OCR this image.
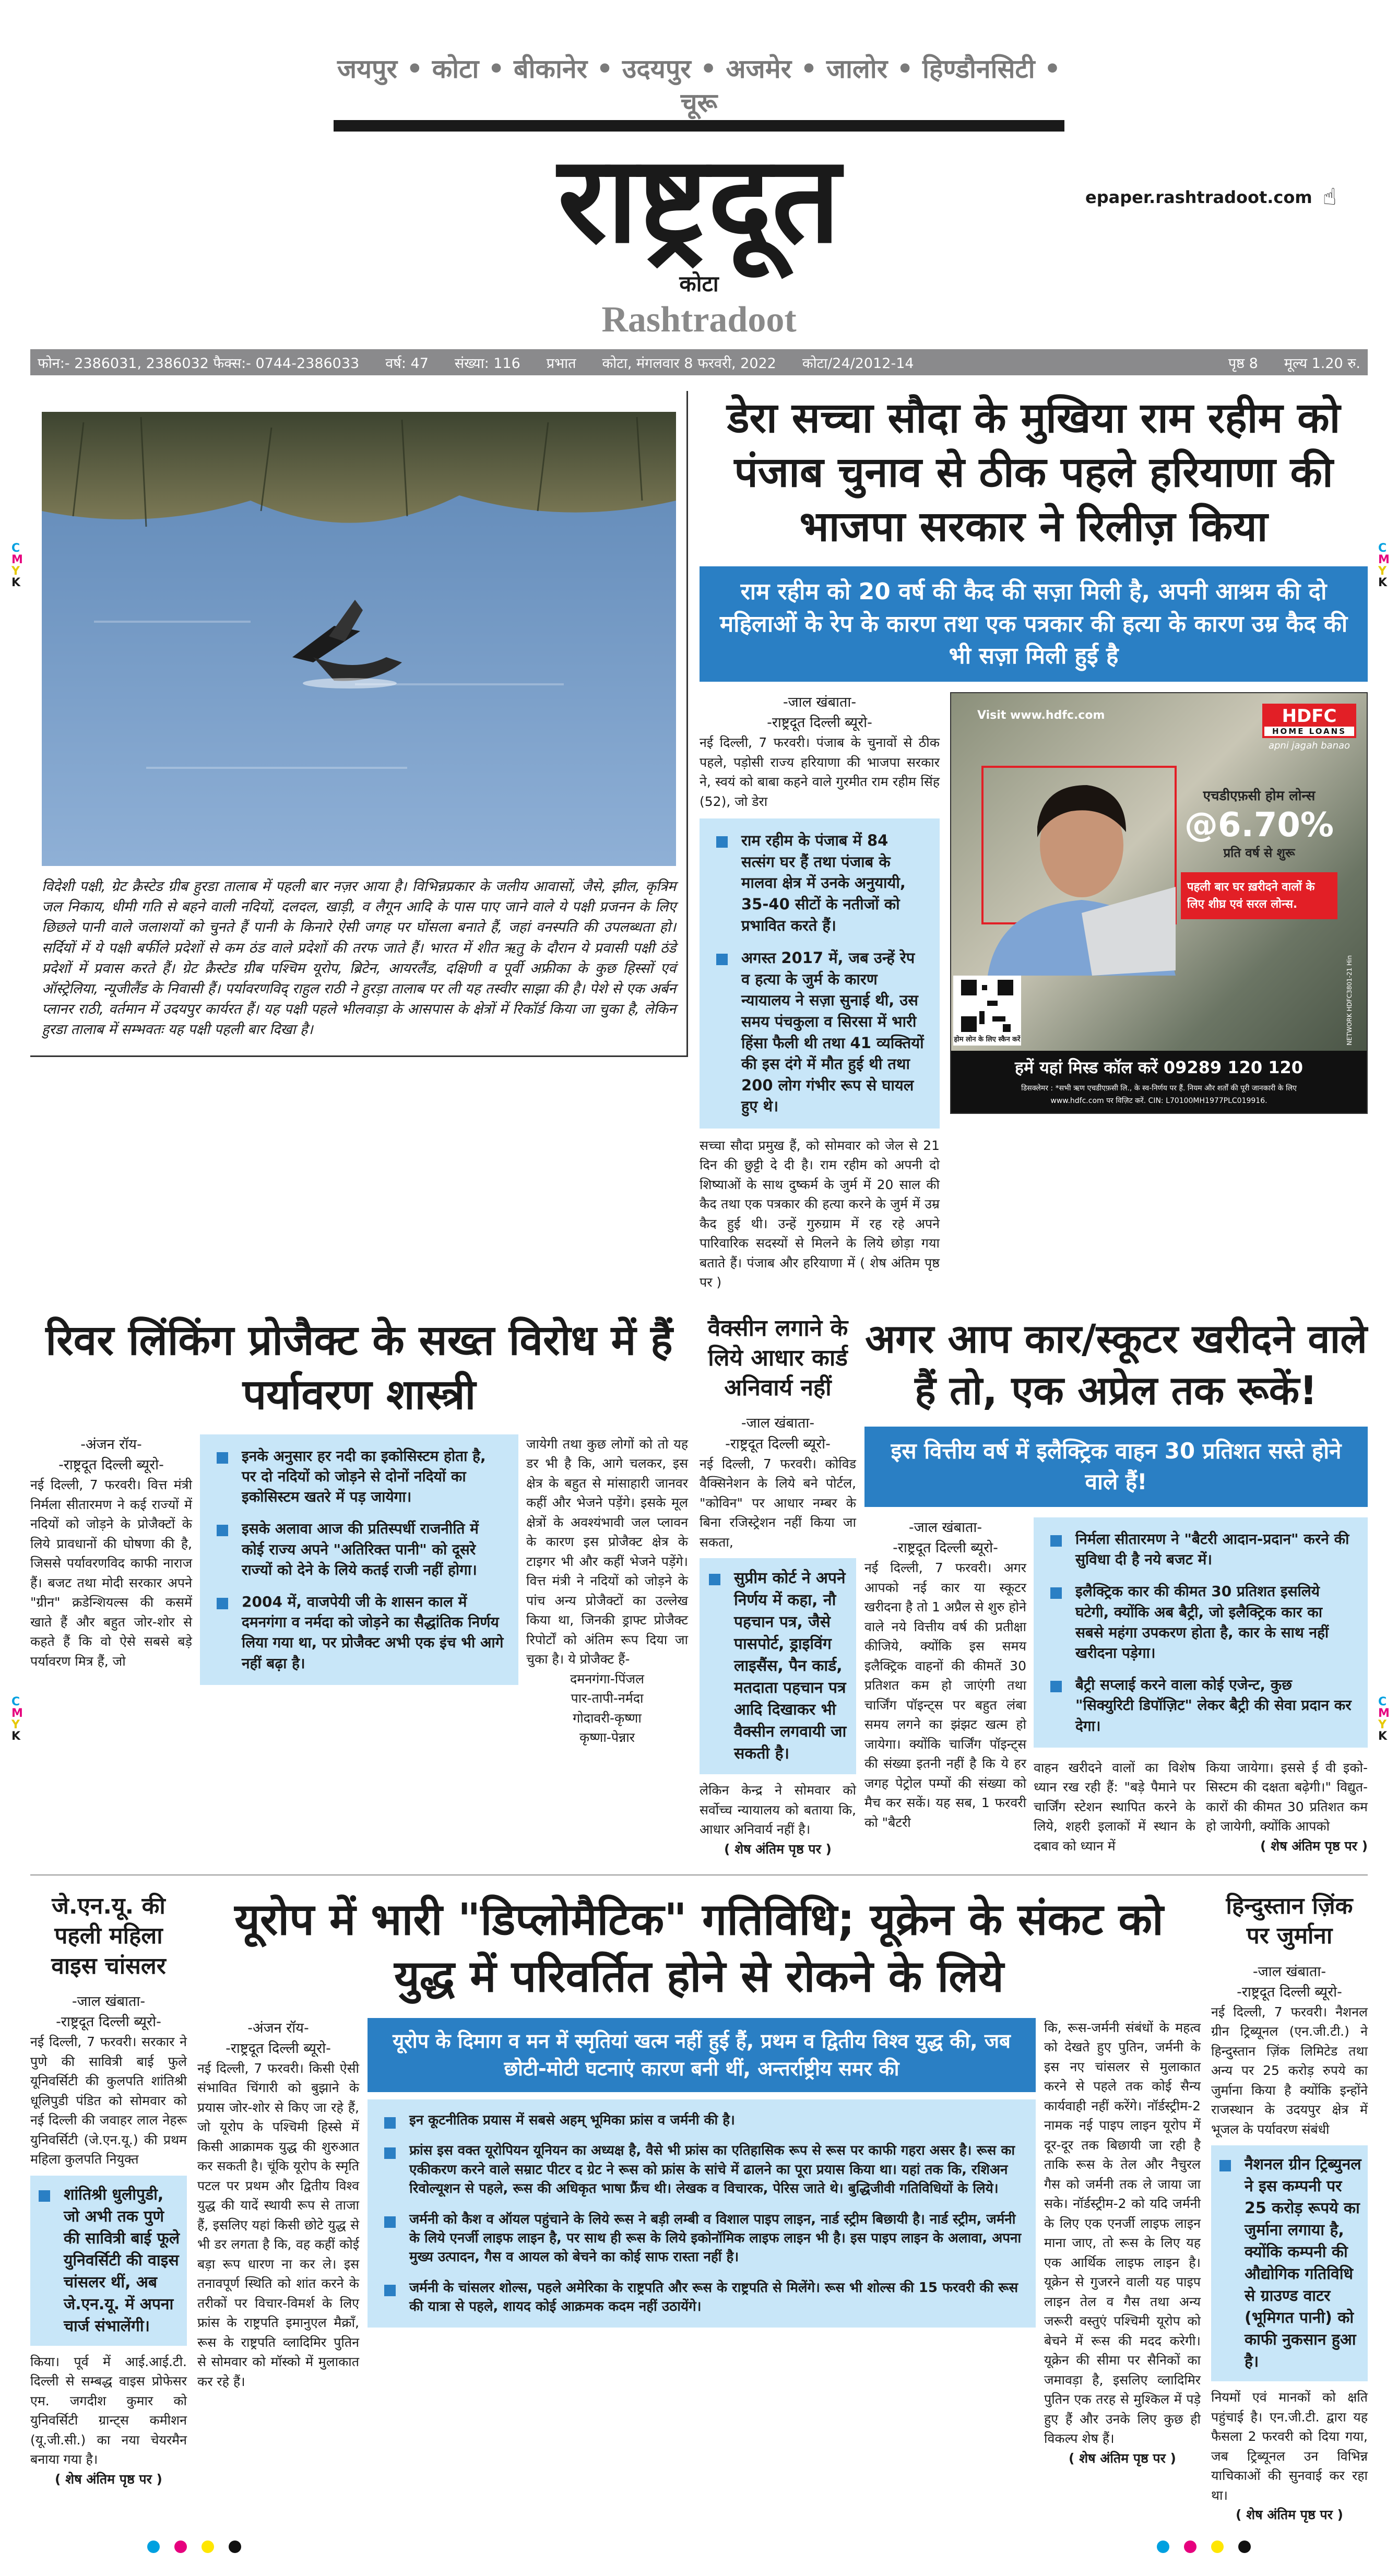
जयपुर • कोटा • बीकानेर • उदयपुर • अजमेर • जालोर • हिण्डौनसिटी • चूरू
राष्ट्रदूत
कोटा
Rashtradoot
epaper.rashtradoot.com ☝
फोन:- 2386031, 2386032 फैक्स:- 0744-2386033 वर्ष: 47 संख्या: 116 प्रभात कोटा, मंगलवार 8 फरवरी, 2022 कोटा/24/2012-14	पृष्ठ 8 मूल्य 1.20 रु.
विदेशी पक्षी, ग्रेट क्रैस्टेड ग्रीब हुरडा तालाब में पहली बार नज़र आया है। विभिन्नप्रकार के जलीय आवासों, जैसे, झील, कृत्रिम जल निकाय, धीमी गति से बहने वाली नदियों, दलदल, खाड़ी, व लैगून आदि के पास पाए जाने वाले ये पक्षी प्रजनन के लिए छिछले पानी वाले जलाशयों को चुनते हैं पानी के किनारे ऐसी जगह पर घोंसला बनाते हैं, जहां वनस्पति की उपलब्धता हो। सर्दियों में ये पक्षी बर्फीले प्रदेशों से कम ठंड वाले प्रदेशों की तरफ जाते हैं। भारत में शीत ऋतु के दौरान ये प्रवासी पक्षी ठंडे प्रदेशों में प्रवास करते हैं। ग्रेट क्रैस्टेड ग्रीब पश्चिम यूरोप, ब्रिटेन, आयरलैंड, दक्षिणी व पूर्वी अफ्रीका के कुछ हिस्सों एवं ऑस्ट्रेलिया, न्यूजीलैंड के निवासी हैं। पर्यावरणविद् राहुल राठी ने हुरड़ा तालाब पर ली यह तस्वीर साझा की है। पेशे से एक अर्बन प्लानर राठी, वर्तमान में उदयपुर कार्यरत हैं। यह पक्षी पहले भीलवाड़ा के आसपास के क्षेत्रों में रिकॉर्ड किया जा चुका है, लेकिन हुरडा तालाब में सम्भवतः यह पक्षी पहली बार दिखा है।
डेरा सच्चा सौदा के मुखिया राम रहीम को पंजाब चुनाव से ठीक पहले हरियाणा की भाजपा सरकार ने रिलीज़ किया
राम रहीम को 20 वर्ष की कैद की सज़ा मिली है, अपनी आश्रम की दो महिलाओं के रेप के कारण तथा एक पत्रकार की हत्या के कारण उम्र कैद की भी सज़ा मिली हुई है
-जाल खंबाता-
-राष्ट्रदूत दिल्ली ब्यूरो-

नई दिल्ली, 7 फरवरी। पंजाब के चुनावों से ठीक पहले, पड़ोसी राज्य हरियाणा की भाजपा सरकार ने, स्वयं को बाबा कहने वाले गुरमीत राम रहीम सिंह (52), जो डेरा

राम रहीम के पंजाब में 84 सत्संग घर हैं तथा पंजाब के मालवा क्षेत्र में उनके अनुयायी, 35-40 सीटों के नतीजों को प्रभावित करते हैं।
अगस्त 2017 में, जब उन्हें रेप व हत्या के जुर्म के कारण न्यायालय ने सज़ा सुनाई थी, उस समय पंचकुला व सिरसा में भारी हिंसा फैली थी तथा 41 व्यक्तियों की इस दंगे में मौत हुई थी तथा 200 लोग गंभीर रूप से घायल हुए थे।

सच्चा सौदा प्रमुख हैं, को सोमवार को जेल से 21 दिन की छुट्टी दे दी है। राम रहीम को अपनी दो शिष्याओं के साथ दुष्कर्म के जुर्म में 20 साल की कैद तथा एक पत्रकार की हत्या करने के जुर्म में उम्र कैद हुई थी। उन्हें गुरुग्राम में रह रहे अपने पारिवारिक सदस्यों से मिलने के लिये छोड़ा गया बताते हैं। पंजाब और हरियाणा में ( शेष अंतिम पृष्ठ पर )

Visit www.hdfc.com	HDFC
HOME LOANS
apni jagah banao
होम लोन के लिए स्कैन करें
एचडीएफ़सी होम लोन्स
@6.70%
प्रति वर्ष से शुरू
पहली बार घर ख़रीदने वालों के लिए शीघ्र एवं सरल लोन्स.
NETWORK HDFC3801-21 Hin
हमें यहां मिस्ड कॉल करें 09289 120 120
डिसक्लेमर : *सभी ऋण एचडीएफ़सी लि., के स्व-निर्णय पर हैं. नियम और शर्तों की पूरी जानकारी के लिए
www.hdfc.com पर विज़िट करें. CIN: L70100MH1977PLC019916.
रिवर लिंकिंग प्रोजैक्ट के सख्त विरोध में हैं पर्यावरण शास्त्री
-अंजन रॉय-
-राष्ट्रदूत दिल्ली ब्यूरो-

नई दिल्ली, 7 फरवरी। वित्त मंत्री निर्मला सीतारमण ने कई राज्यों में नदियों को जोड़ने के प्रोजैक्टों के लिये प्रावधानों की घोषणा की है, जिससे पर्यावरणविद काफी नाराज हैं। बजट तथा मोदी सरकार अपने "ग्रीन" क्रडेन्शियल्स की कसमें खाते हैं और बहुत जोर-शोर से कहते हैं कि वो ऐसे सबसे बड़े पर्यावरण मित्र हैं, जो

इनके अनुसार हर नदी का इकोसिस्टम होता है, पर दो नदियों को जोड़ने से दोनों नदियों का इकोसिस्टम खतरे में पड़ जायेगा।
इसके अलावा आज की प्रतिस्पर्धी राजनीति में कोई राज्य अपने "अतिरिक्त पानी" को दूसरे राज्यों को देने के लिये कतई राजी नहीं होगा।
2004 में, वाजपेयी जी के शासन काल में दमनगंगा व नर्मदा को जोड़ने का सैद्धांतिक निर्णय लिया गया था, पर प्रोजैक्ट अभी एक इंच भी आगे नहीं बढ़ा है।

जायेगी तथा कुछ लोगों को तो यह डर भी है कि, आगे चलकर, इस क्षेत्र के बहुत से मांसाहारी जानवर कहीं और भेजने पड़ेंगे। इसके मूल क्षेत्रों के अवश्यंभावी जल प्लावन के कारण इस प्रोजैक्ट क्षेत्र के टाइगर भी और कहीं भेजने पड़ेंगे। वित्त मंत्री ने नदियों को जोड़ने के पांच अन्य प्रोजैक्टों का उल्लेख किया था, जिनकी ड्राफ्ट प्रोजैक्ट रिपोर्टों को अंतिम रूप दिया जा चुका है। ये प्रोजैक्ट हैं-

दमनगंगा-पिंजल

पार-तापी-नर्मदा

गोदावरी-कृष्णा

कृष्णा-पेन्नार

वैक्सीन लगाने के लिये आधार कार्ड अनिवार्य नहीं
-जाल खंबाता-
-राष्ट्रदूत दिल्ली ब्यूरो-

नई दिल्ली, 7 फरवरी। कोविड वैक्सिनेशन के लिये बने पोर्टल, "कोविन" पर आधार नम्बर के बिना रजिस्ट्रेशन नहीं किया जा सकता,

सुप्रीम कोर्ट ने अपने निर्णय में कहा, नौ पहचान पत्र, जैसे पासपोर्ट, ड्राइविंग लाइसैंस, पैन कार्ड, मतदाता पहचान पत्र आदि दिखाकर भी वैक्सीन लगवायी जा सकती है।

लेकिन केन्द्र ने सोमवार को सर्वोच्च न्यायालय को बताया कि, आधार अनिवार्य नहीं है।

( शेष अंतिम पृष्ठ पर )

अगर आप कार/स्कूटर खरीदने वाले हैं तो, एक अप्रेल तक रूकें!
इस वित्तीय वर्ष में इलैक्ट्रिक वाहन 30 प्रतिशत सस्ते होने वाले हैं!
-जाल खंबाता-
-राष्ट्रदूत दिल्ली ब्यूरो-

नई दिल्ली, 7 फरवरी। अगर आपको नई कार या स्कूटर खरीदना है तो 1 अप्रैल से शुरु होने वाले नये वित्तीय वर्ष की प्रतीक्षा कीजिये, क्योंकि इस समय इलैक्ट्रिक वाहनों की कीमतें 30 प्रतिशत कम हो जाएंगी तथा चार्जिंग पॉइन्ट्स पर बहुत लंबा समय लगने का झंझट खत्म हो जायेगा। क्योंकि चार्जिंग पॉइन्ट्स की संख्या इतनी नहीं है कि ये हर जगह पेट्रोल पम्पों की संख्या को मैच कर सकें। यह सब, 1 फरवरी को "बैटरी

निर्मला सीतारमण ने "बैटरी आदान-प्रदान" करने की सुविधा दी है नये बजट में।
इलैक्ट्रिक कार की कीमत 30 प्रतिशत इसलिये घटेगी, क्योंकि अब बैट्री, जो इलैक्ट्रिक कार का सबसे महंगा उपकरण होता है, कार के साथ नहीं खरीदना पड़ेगा।
बैट्री सप्लाई करने वाला कोई एजेन्ट, कुछ "सिक्युरिटी डिपॉज़िट" लेकर बैट्री की सेवा प्रदान कर देगा।

वाहन खरीदने वालों का विशेष ध्यान रख रही हैं: "बड़े पैमाने पर चार्जिंग स्टेशन स्थापित करने के लिये, शहरी इलाकों में स्थान के दबाव को ध्यान में

किया जायेगा। इससे ई वी इको-सिस्टम की दक्षता बढ़ेगी।" विद्युत-कारों की कीमत 30 प्रतिशत कम हो जायेगी, क्योंकि आपको

( शेष अंतिम पृष्ठ पर )

जे.एन.यू. की पहली महिला वाइस चांसलर
-जाल खंबाता-
-राष्ट्रदूत दिल्ली ब्यूरो-

नई दिल्ली, 7 फरवरी। सरकार ने पुणे की सावित्री बाई फुले यूनिवर्सिटी की कुलपति शांतिश्री धूलिपुडी पंडित को सोमवार को नई दिल्ली की जवाहर लाल नेहरू युनिवर्सिटी (जे.एन.यू.) की प्रथम महिला कुलपति नियुक्त

शांतिश्री धुलीपुडी, जो अभी तक पुणे की सावित्री बाई फूले युनिवर्सिटी की वाइस चांसलर थीं, अब जे.एन.यू. में अपना चार्ज संभालेंगी।

किया। पूर्व में आई.आई.टी. दिल्ली से सम्बद्ध वाइस प्रोफेसर एम. जगदीश कुमार को युनिवर्सिटी ग्रान्ट्स कमीशन (यू.जी.सी.) का नया चेयरमैन बनाया गया है।

( शेष अंतिम पृष्ठ पर )

यूरोप में भारी "डिप्लोमैटिक" गतिविधि; यूक्रेन के संकट को युद्ध में परिवर्तित होने से रोकने के लिये
-अंजन रॉय-
-राष्ट्रदूत दिल्ली ब्यूरो-

नई दिल्ली, 7 फरवरी। किसी ऐसी संभावित चिंगारी को बुझाने के प्रयास जोर-शोर से किए जा रहे हैं, जो यूरोप के पश्चिमी हिस्से में किसी आक्रामक युद्ध की शुरुआत कर सकती है। चूंकि यूरोप के स्मृति पटल पर प्रथम और द्वितीय विश्व युद्ध की यादें स्थायी रूप से ताजा हैं, इसलिए यहां किसी छोटे युद्ध से भी डर लगता है कि, वह कहीं कोई बड़ा रूप धारण ना कर ले। इस तनावपूर्ण स्थिति को शांत करने के तरीकों पर विचार-विमर्श के लिए फ्रांस के राष्ट्रपति इमानुएल मैक्रॉं, रूस के राष्ट्रपति व्लादिमिर पुतिन से सोमवार को मॉस्को में मुलाकात कर रहे हैं।

यूरोप के दिमाग व मन में स्मृतियां खत्म नहीं हुई हैं, प्रथम व द्वितीय विश्व युद्ध की, जब छोटी-मोटी घटनाएं कारण बनी थीं, अन्तर्राष्ट्रीय समर की
इन कूटनीतिक प्रयास में सबसे अहम् भूमिका फ्रांस व जर्मनी की है।
फ्रांस इस वक्त यूरोपियन यूनियन का अध्यक्ष है, वैसे भी फ्रांस का एतिहासिक रूप से रूस पर काफी गहरा असर है। रूस का एकीकरण करने वाले सम्राट पीटर द ग्रेट ने रूस को फ्रांस के सांचे में ढालने का पूरा प्रयास किया था। यहां तक कि, रशिअन रिवोल्यूशन से पहले, रूस की अधिकृत भाषा फ्रैंच थी। लेखक व विचारक, पेरिस जाते थे। बुद्धिजीवी गतिविधियों के लिये।
जर्मनी को कैश व ऑयल पहुंचाने के लिये रूस ने बड़ी लम्बी व विशाल पाइप लाइन, नार्ड स्ट्रीम बिछायी है। नार्ड स्ट्रीम, जर्मनी के लिये एनर्जी लाइफ लाइन है, पर साथ ही रूस के लिये इकोनॉमिक लाइफ लाइन भी है। इस पाइप लाइन के अलावा, अपना मुख्य उत्पादन, गैस व आयल को बेचने का कोई साफ रास्ता नहीं है।
जर्मनी के चांसलर शोल्स, पहले अमेरिका के राष्ट्रपति और रूस के राष्ट्रपति से मिलेंगे। रूस भी शोल्स की 15 फरवरी की रूस की यात्रा से पहले, शायद कोई आक्रमक कदम नहीं उठायेंगे।

कि, रूस-जर्मनी संबंधों के महत्व को देखते हुए पुतिन, जर्मनी के इस नए चांसलर से मुलाकात करने से पहले तक कोई सैन्य कार्यवाही नहीं करेंगे। नॉर्डस्ट्रीम-2 नामक नई पाइप लाइन यूरोप में दूर-दूर तक बिछायी जा रही है ताकि रूस के तेल और नैचुरल गैस को जर्मनी तक ले जाया जा सके। नॉर्डस्ट्रीम-2 को यदि जर्मनी के लिए एक एनर्जी लाइफ लाइन माना जाए, तो रूस के लिए यह एक आर्थिक लाइफ लाइन है। यूक्रेन से गुजरने वाली यह पाइप लाइन तेल व गैस तथा अन्य जरूरी वस्तुएं पश्चिमी यूरोप को बेचने में रूस की मदद करेगी। यूक्रेन की सीमा पर सैनिकों का जमावड़ा है, इसलिए व्लादिमिर पुतिन एक तरह से मुश्किल में पड़े हुए हैं और उनके लिए कुछ ही विकल्प शेष हैं।

( शेष अंतिम पृष्ठ पर )

हिन्दुस्तान ज़िंक पर जुर्माना
-जाल खंबाता-
-राष्ट्रदूत दिल्ली ब्यूरो-

नई दिल्ली, 7 फरवरी। नैशनल ग्रीन ट्रिब्यूनल (एन.जी.टी.) ने हिन्दुस्तान ज़िंक लिमिटेड तथा अन्य पर 25 करोड़ रुपये का जुर्माना किया है क्योंकि इन्होंने राजस्थान के उदयपुर क्षेत्र में भूजल के पर्यावरण संबंधी

नैशनल ग्रीन ट्रिब्युनल ने इस कम्पनी पर 25 करोड़ रूपये का जुर्माना लगाया है, क्योंकि कम्पनी की औद्योगिक गतिविधि से ग्राउण्ड वाटर (भूमिगत पानी) को काफी नुकसान हुआ है।

नियमों एवं मानकों को क्षति पहुंचाई है। एन.जी.टी. द्वारा यह फैसला 2 फरवरी को दिया गया, जब ट्रिब्यूनल उन विभिन्न याचिकाओं की सुनवाई कर रहा था।

( शेष अंतिम पृष्ठ पर )

C
M
Y
K
C
M
Y
K
C
M
Y
K
C
M
Y
K
